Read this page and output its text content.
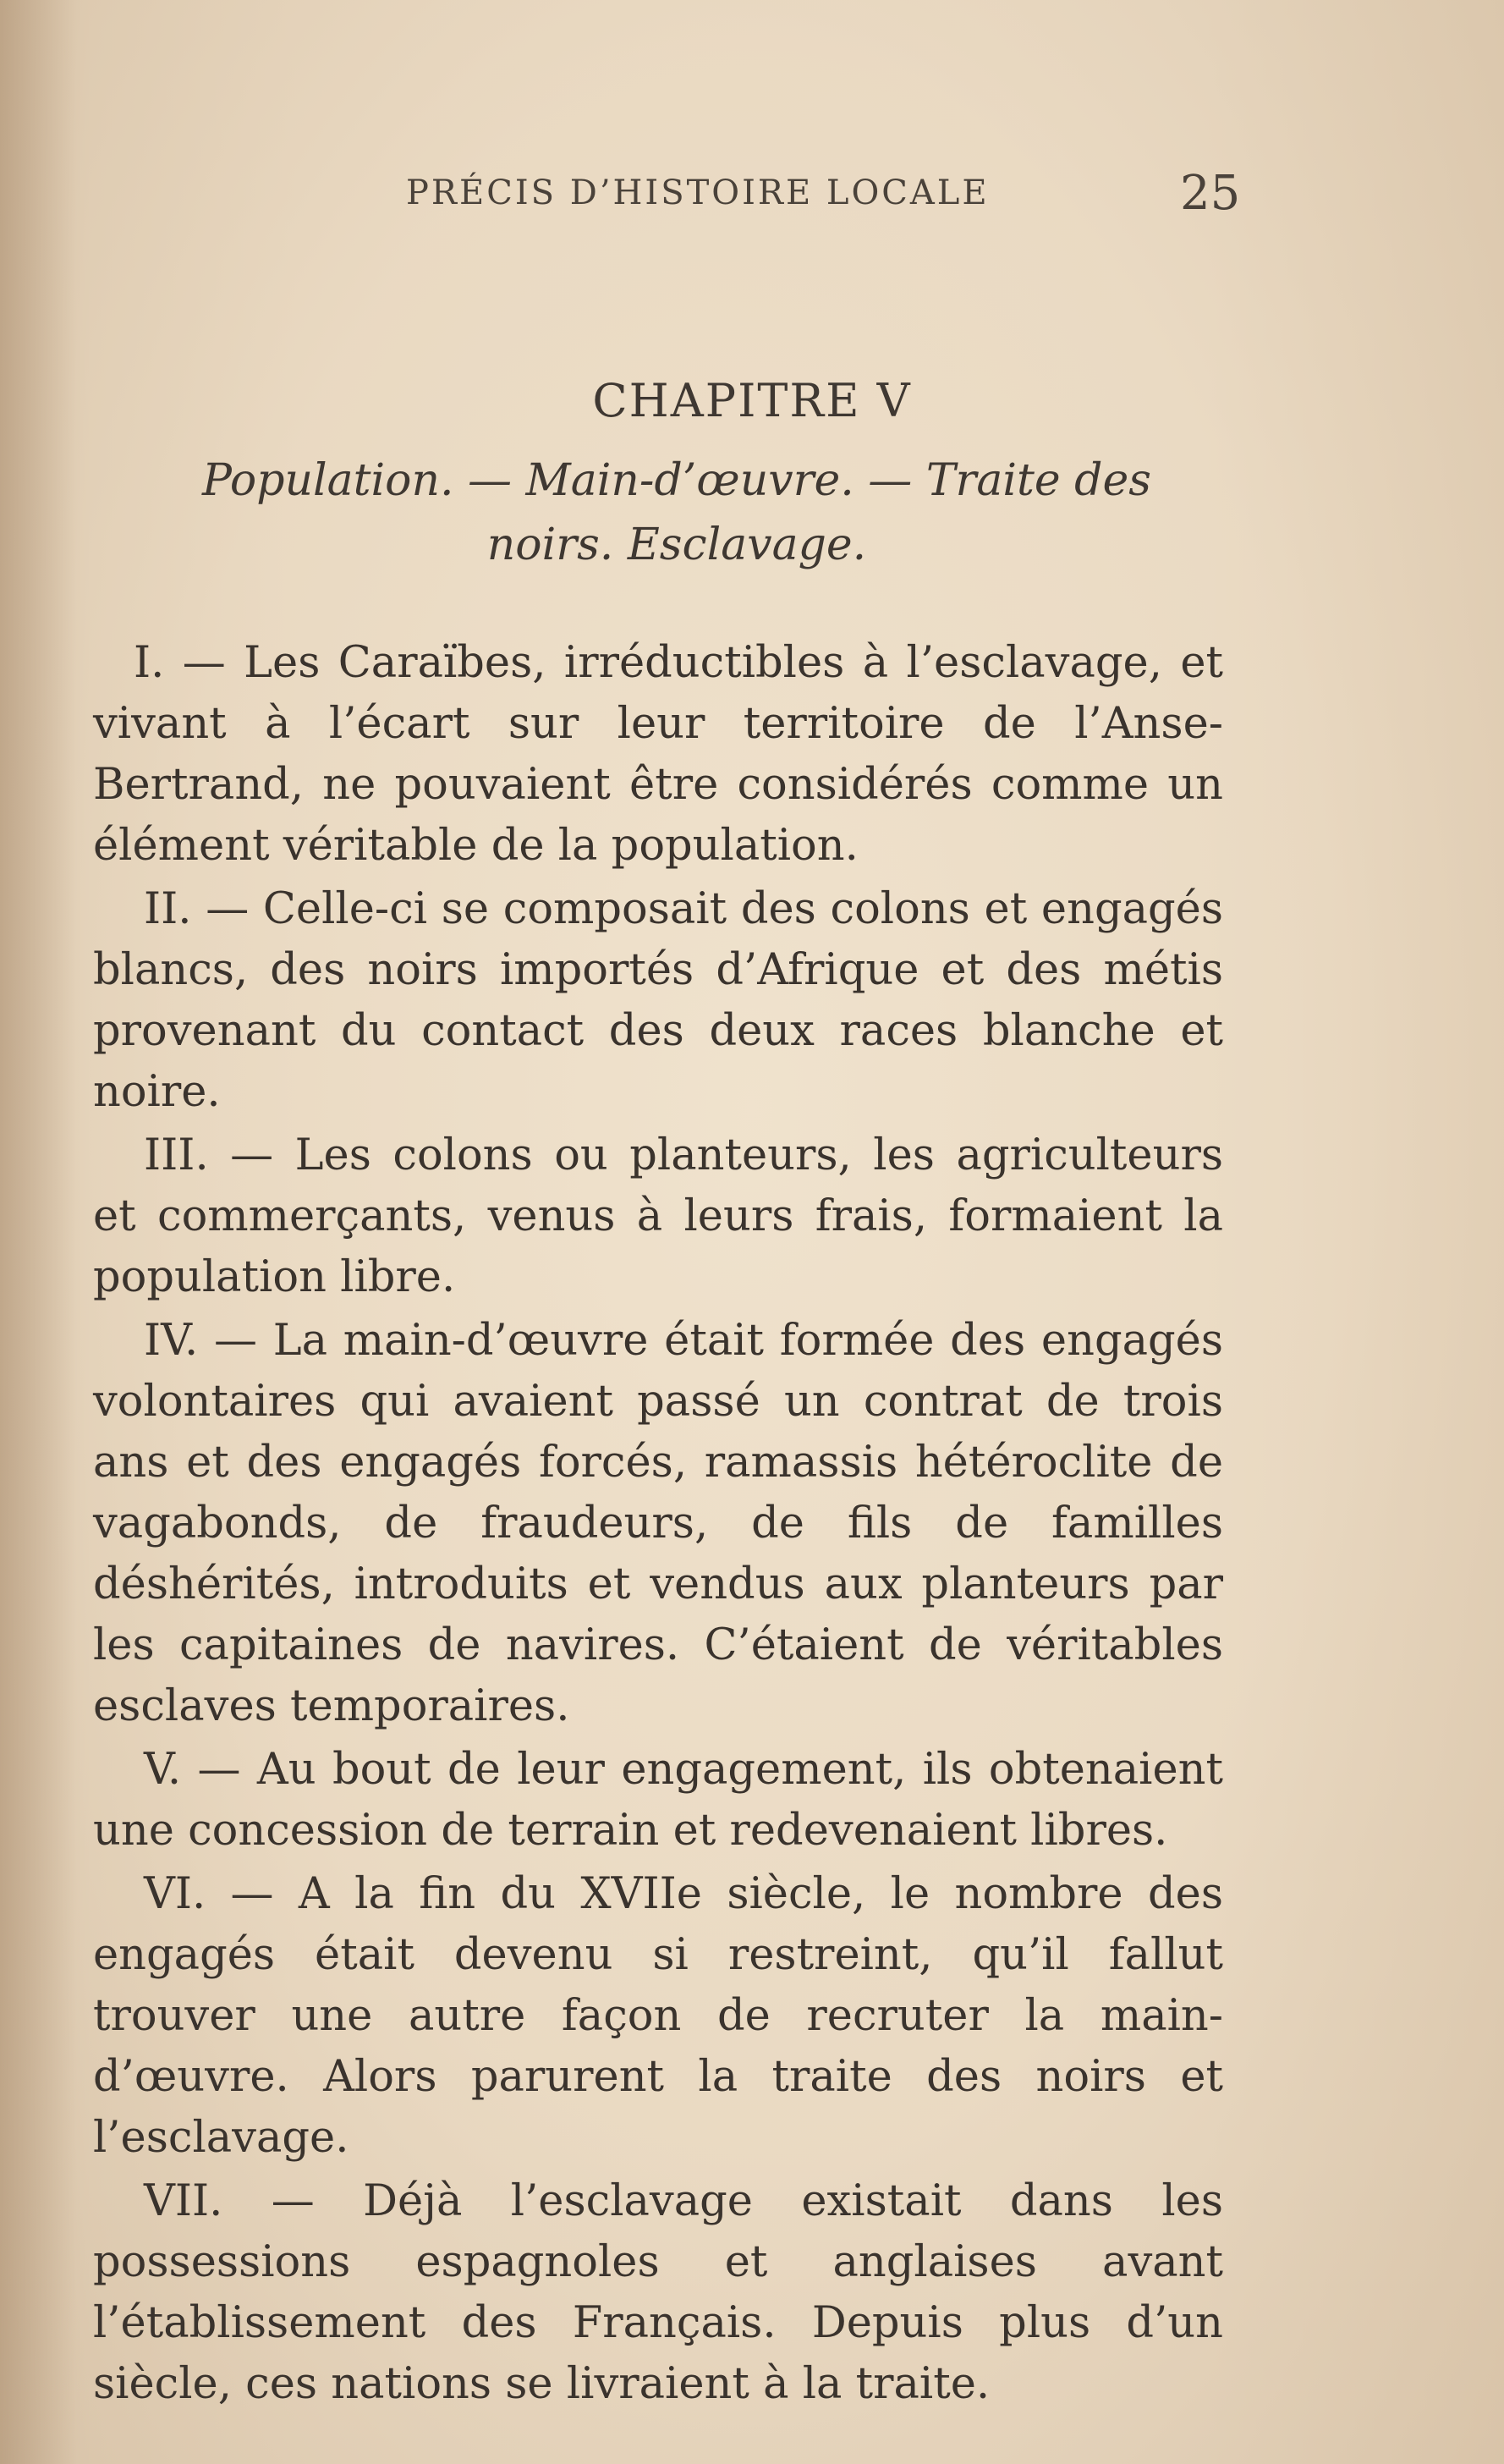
PRÉCIS D’HISTOIRE LOCALE	25
CHAPITRE V
Population. — Main-d’œuvre. — Traite des noirs. Esclavage.

I. — Les Caraïbes, irréductibles à l’esclavage, et vivant à l’écart sur leur territoire de l’Anse-Bertrand, ne pouvaient être considérés comme un élément véritable de la population.

II. — Celle-ci se composait des colons et engagés blancs, des noirs importés d’Afrique et des métis provenant du contact des deux races blanche et noire.

III. — Les colons ou planteurs, les agriculteurs et commerçants, venus à leurs frais, formaient la population libre.

IV. — La main-d’œuvre était formée des engagés volontaires qui avaient passé un contrat de trois ans et des engagés forcés, ramassis hétéroclite de vagabonds, de fraudeurs, de fils de familles déshérités, introduits et vendus aux planteurs par les capitaines de navires. C’étaient de véritables esclaves temporaires.

V. — Au bout de leur engagement, ils obtenaient une concession de terrain et redevenaient libres.

VI. — A la fin du XVIIe siècle, le nombre des engagés était devenu si restreint, qu’il fallut trouver une autre façon de recruter la main-d’œuvre. Alors parurent la traite des noirs et l’esclavage.

VII. — Déjà l’esclavage existait dans les possessions espagnoles et anglaises avant l’établissement des Français. Depuis plus d’un siècle, ces nations se livraient à la traite.
